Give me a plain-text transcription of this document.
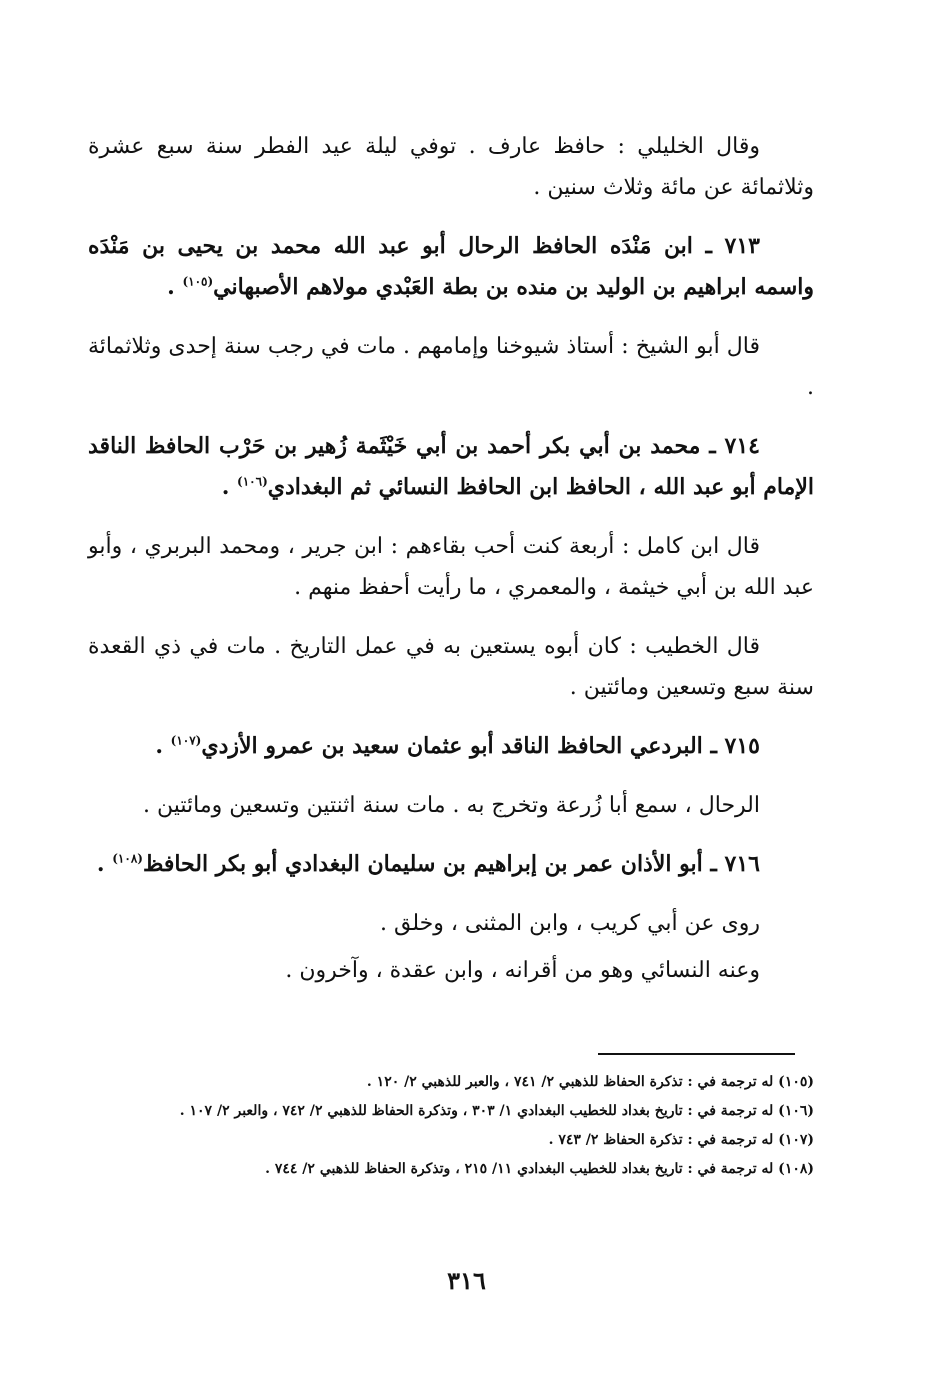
وقال الخليلي : حافظ عارف . توفي ليلة عيد الفطر سنة سبع عشرة وثلاثمائة عن مائة وثلاث سنين .

٧١٣ ـ ابن مَنْدَه الحافظ الرحال أبو عبد الله محمد بن يحيى بن مَنْدَه واسمه ابراهيم بن الوليد بن منده بن بطة العَبْدي مولاهم الأصبهاني$^{(١٠٥)}$ .

قال أبو الشيخ : أستاذ شيوخنا وإمامهم . مات في رجب سنة إحدى وثلاثمائة .

٧١٤ ـ محمد بن أبي بكر أحمد بن أبي خَيْثَمة زُهير بن حَرْب الحافظ الناقد الإمام أبو عبد الله ، الحافظ ابن الحافظ النسائي ثم البغدادي$^{(١٠٦)}$ .

قال ابن كامل : أربعة كنت أحب بقاءهم : ابن جرير ، ومحمد البربري ، وأبو عبد الله بن أبي خيثمة ، والمعمري ، ما رأيت أحفظ منهم .

قال الخطيب : كان أبوه يستعين به في عمل التاريخ . مات في ذي القعدة سنة سبع وتسعين ومائتين .

٧١٥ ـ البردعي الحافظ الناقد أبو عثمان سعيد بن عمرو الأزدي$^{(١٠٧)}$ .

الرحال ، سمع أبا زُرعة وتخرج به . مات سنة اثنتين وتسعين ومائتين .

٧١٦ ـ أبو الأذان عمر بن إبراهيم بن سليمان البغدادي أبو بكر الحافظ$^{(١٠٨)}$ .

روى عن أبي كريب ، وابن المثنى ، وخلق .

وعنه النسائي وهو من أقرانه ، وابن عقدة ، وآخرون .

(١٠٥) له ترجمة في : تذكرة الحفاظ للذهبي ٢/ ٧٤١ ، والعبر للذهبي ٢/ ١٢٠ .

(١٠٦) له ترجمة في : تاريخ بغداد للخطيب البغدادي ١/ ٣٠٣ ، وتذكرة الحفاظ للذهبي ٢/ ٧٤٢ ، والعبر ٢/ ١٠٧ .

(١٠٧) له ترجمة في : تذكرة الحفاظ ٢/ ٧٤٣ .

(١٠٨) له ترجمة في : تاريخ بغداد للخطيب البغدادي ١١/ ٢١٥ ، وتذكرة الحفاظ للذهبي ٢/ ٧٤٤ .

٣١٦
